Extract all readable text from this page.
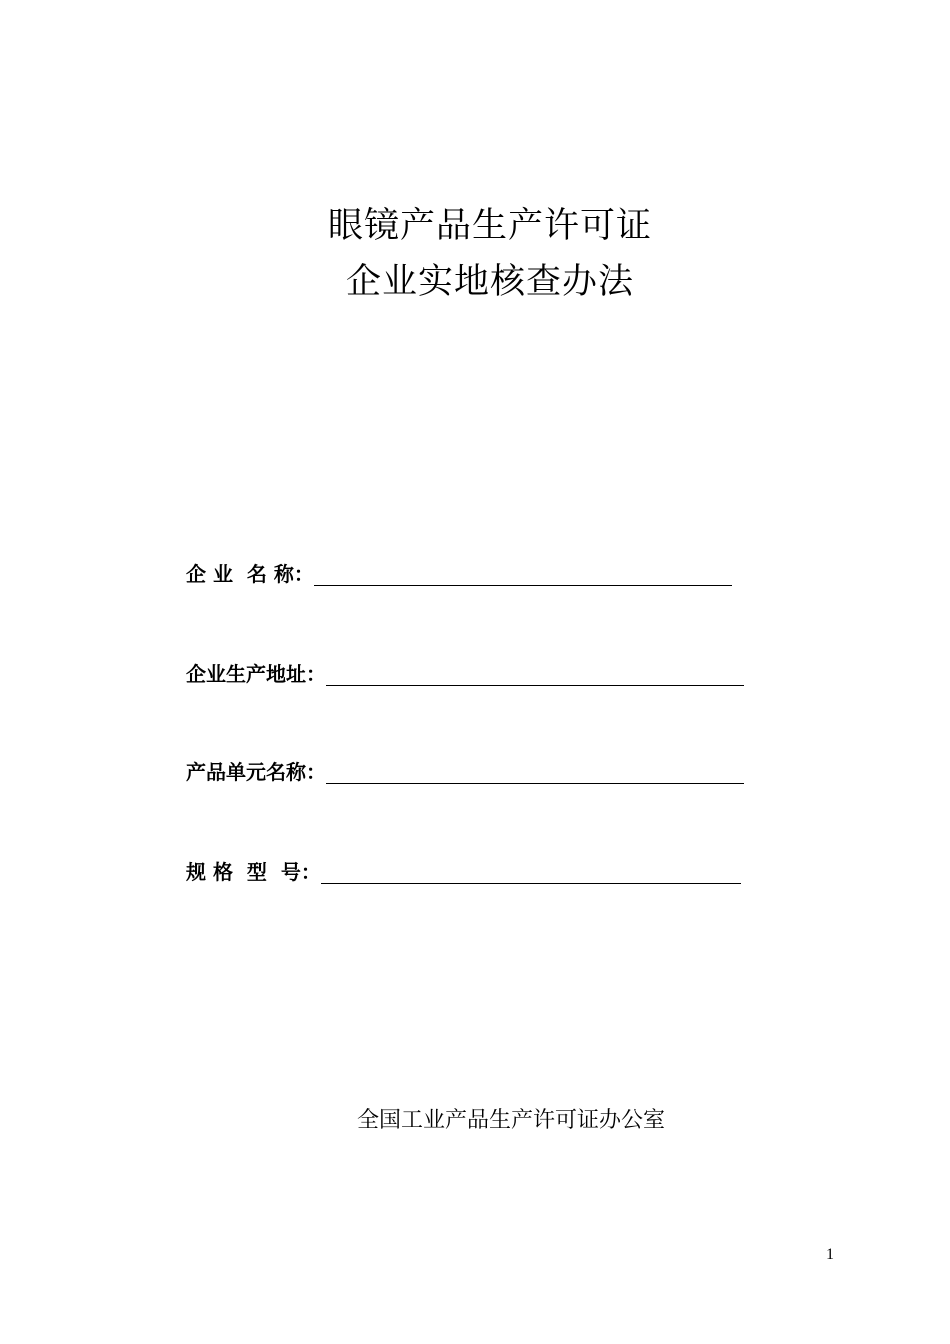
眼镜产品生产许可证
企业实地核查办法
企 业  名 称：
企业生产地址：
产品单元名称：
规 格  型  号：
全国工业产品生产许可证办公室
1
